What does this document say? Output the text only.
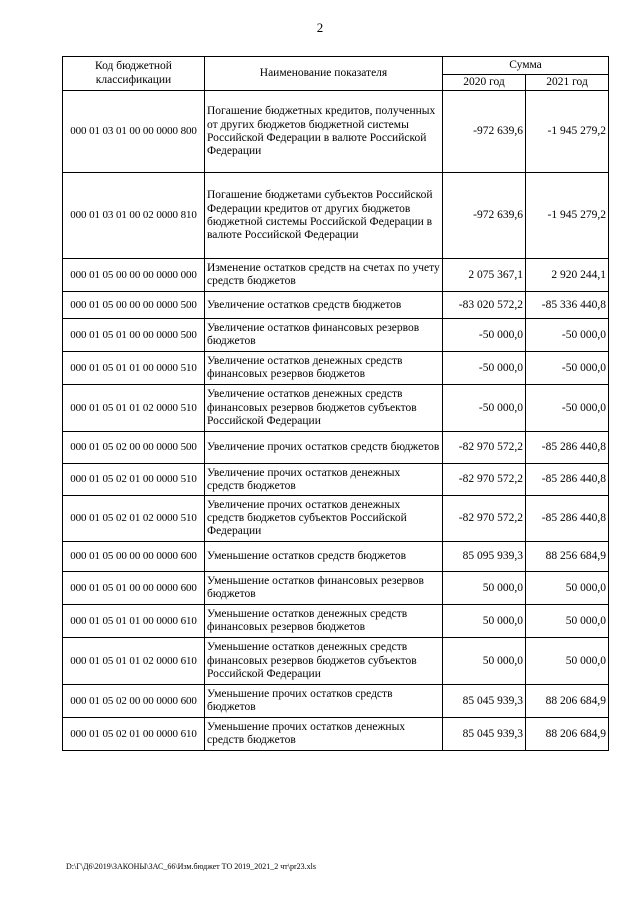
2
Код бюджетной классификации	Наименование показателя	Сумма	
		2020 год	2021 год
000 01 03 01 00 00 0000 800	Погашение бюджетных кредитов, полученных от других бюджетов бюджетной системы Российской Федерации в валюте Российской Федерации	-972 639,6	-1 945 279,2
000 01 03 01 00 02 0000 810	Погашение бюджетами субъектов Российской Федерации кредитов от других бюджетов бюджетной системы Российской Федерации в валюте Российской Федерации	-972 639,6	-1 945 279,2
000 01 05 00 00 00 0000 000	Изменение остатков средств на счетах по учету средств бюджетов	2 075 367,1	2 920 244,1
000 01 05 00 00 00 0000 500	Увеличение остатков средств бюджетов	-83 020 572,2	-85 336 440,8
000 01 05 01 00 00 0000 500	Увеличение остатков финансовых резервов бюджетов	-50 000,0	-50 000,0
000 01 05 01 01 00 0000 510	Увеличение остатков денежных средств финансовых резервов бюджетов	-50 000,0	-50 000,0
000 01 05 01 01 02 0000 510	Увеличение остатков денежных средств финансовых резервов бюджетов субъектов Российской Федерации	-50 000,0	-50 000,0
000 01 05 02 00 00 0000 500	Увеличение прочих остатков средств бюджетов	-82 970 572,2	-85 286 440,8
000 01 05 02 01 00 0000 510	Увеличение прочих остатков денежных средств бюджетов	-82 970 572,2	-85 286 440,8
000 01 05 02 01 02 0000 510	Увеличение прочих остатков денежных средств бюджетов субъектов Российской Федерации	-82 970 572,2	-85 286 440,8
000 01 05 00 00 00 0000 600	Уменьшение остатков средств бюджетов	85 095 939,3	88 256 684,9
000 01 05 01 00 00 0000 600	Уменьшение остатков финансовых резервов бюджетов	50 000,0	50 000,0
000 01 05 01 01 00 0000 610	Уменьшение остатков денежных средств финансовых резервов бюджетов	50 000,0	50 000,0
000 01 05 01 01 02 0000 610	Уменьшение остатков денежных средств финансовых резервов бюджетов субъектов Российской Федерации	50 000,0	50 000,0
000 01 05 02 00 00 0000 600	Уменьшение прочих остатков средств бюджетов	85 045 939,3	88 206 684,9
000 01 05 02 01 00 0000 610	Уменьшение прочих остатков денежных средств бюджетов	85 045 939,3	88 206 684,9
D:\Г\Д6\2019\ЗАКОНЫ\ЗАС_66\Изм.бюджет ТО 2019_2021_2 чт\pr23.xls
